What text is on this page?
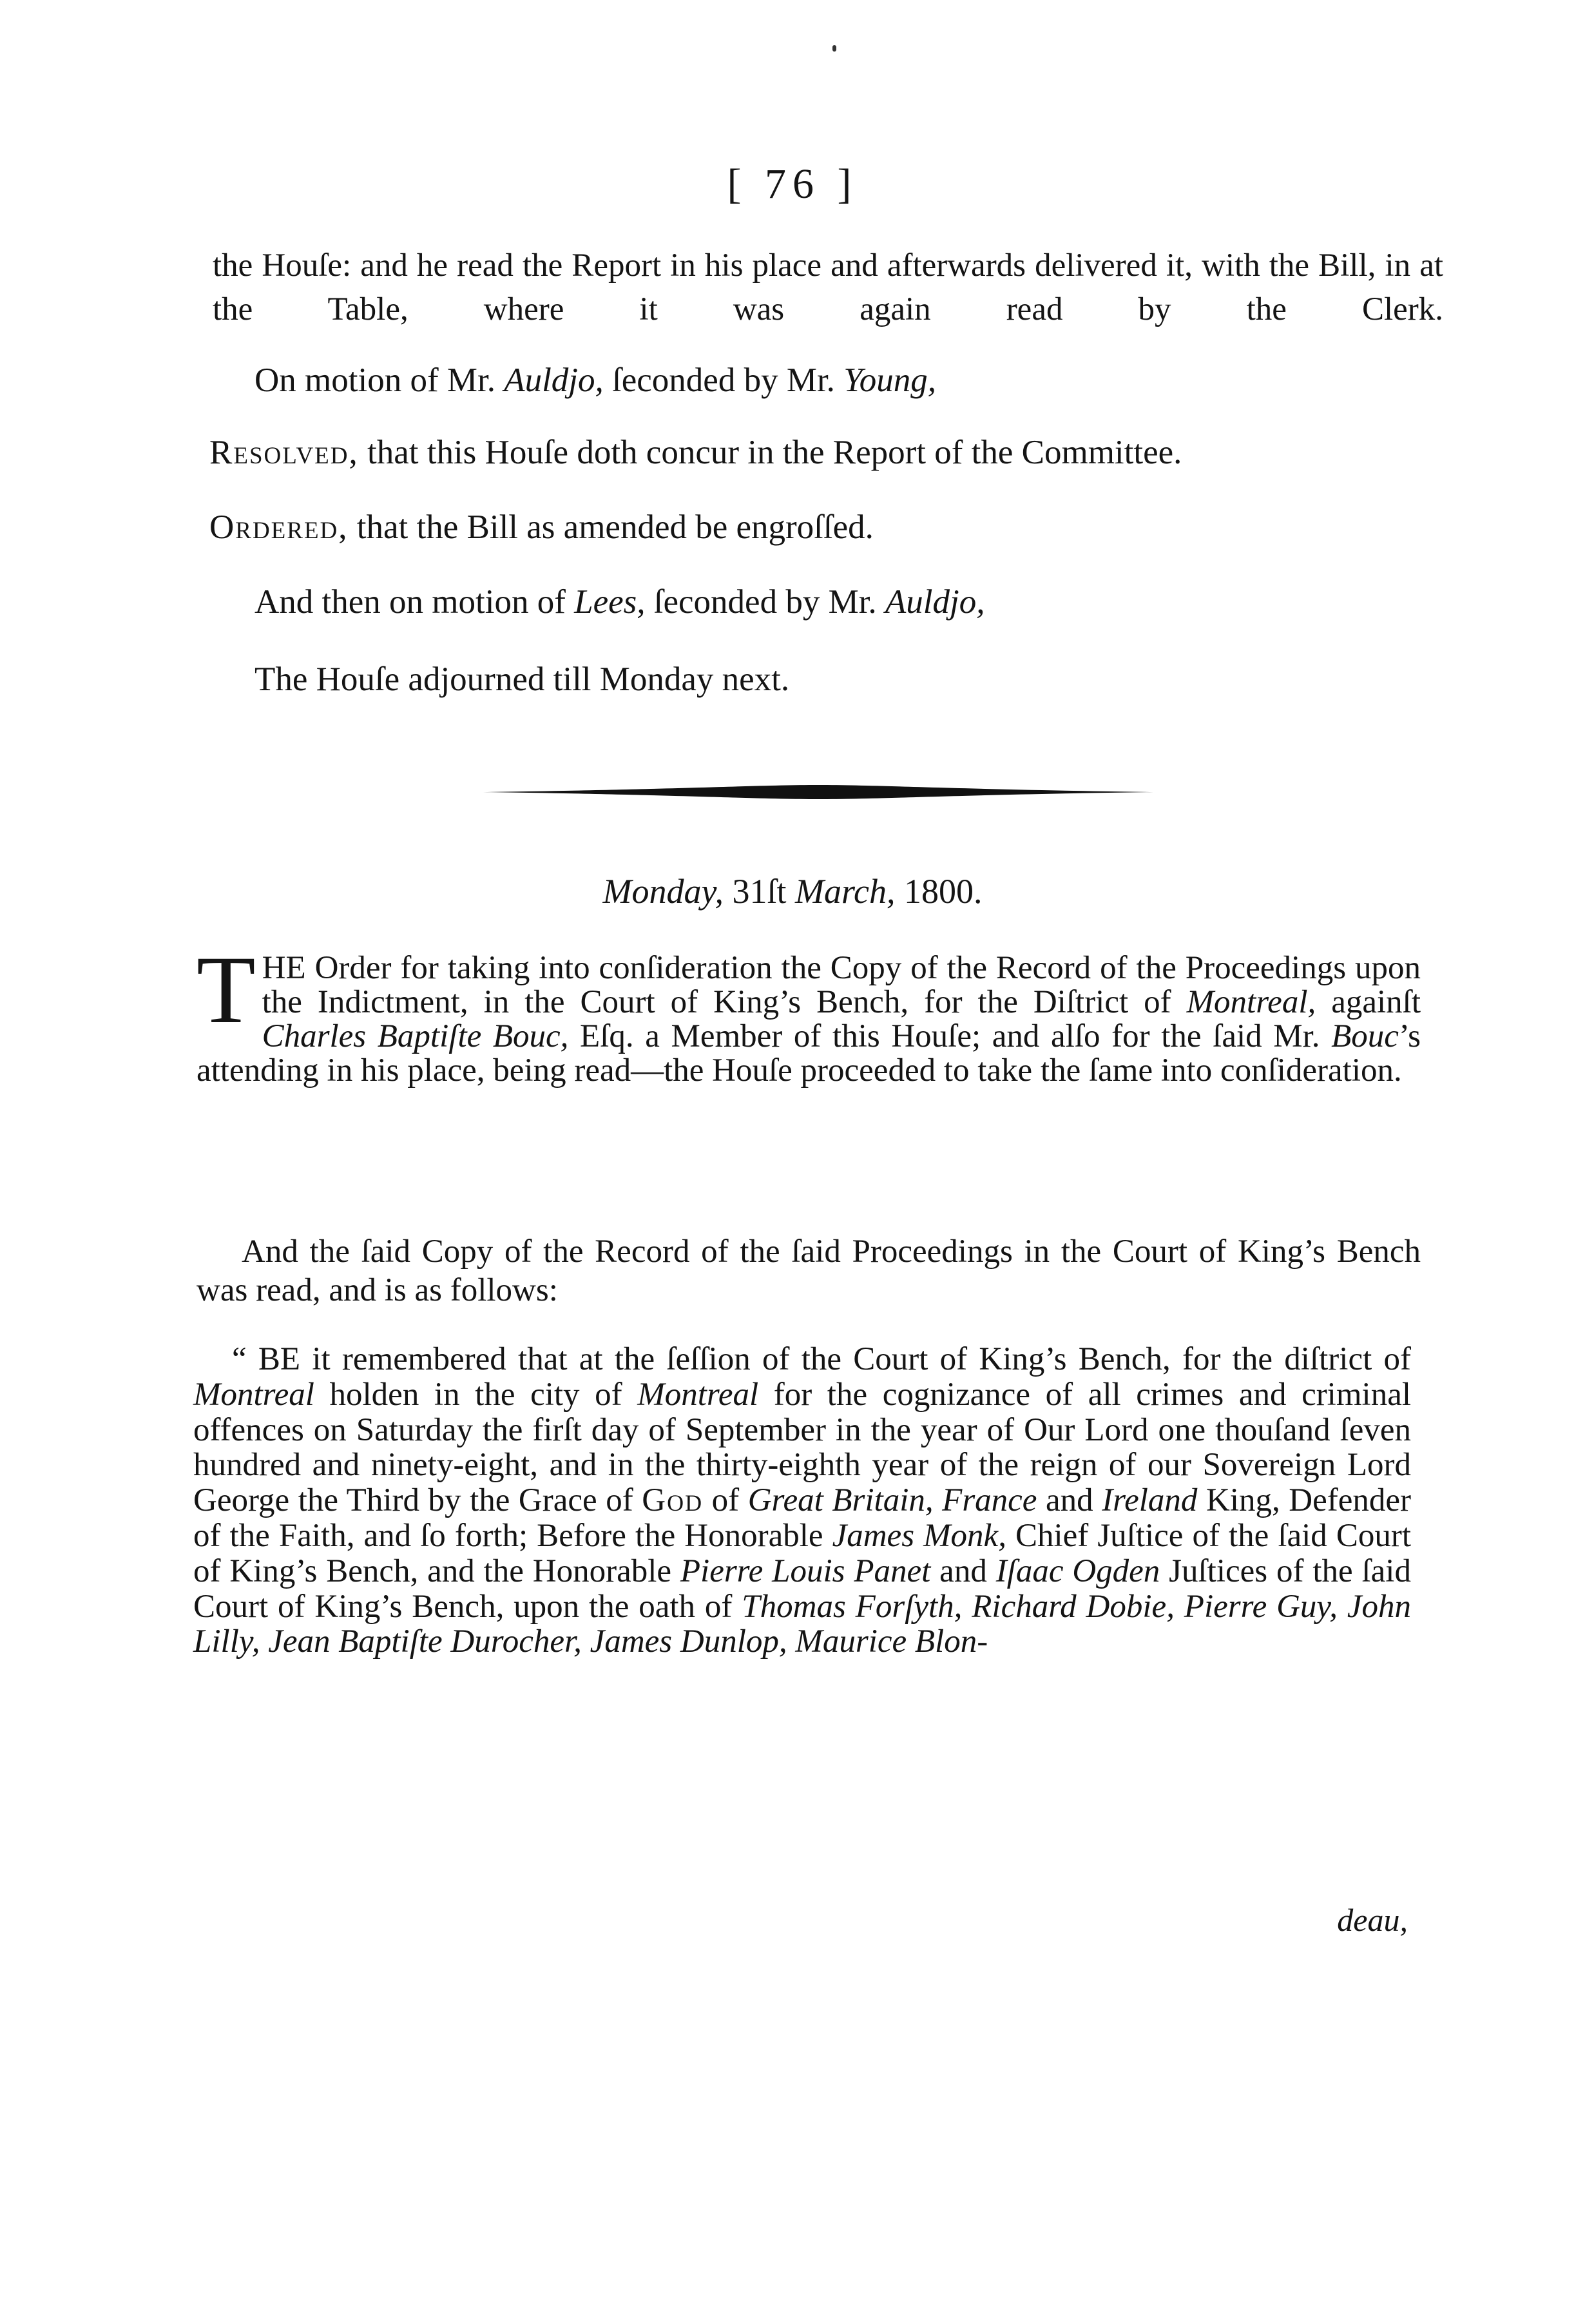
[ 76 ]
the Houſe: and he read the Report in his place and afterwards delivered it, with the Bill, in at the Table, where it was again read by the Clerk.
On motion of Mr. Auldjo, ſeconded by Mr. Young,
Resolved, that this Houſe doth concur in the Report of the Committee.
Ordered, that the Bill as amended be engroſſed.
And then on motion of Lees, ſeconded by Mr. Auldjo,
The Houſe adjourned till Monday next.
Monday, 31ſt March, 1800.
THE Order for taking into conſideration the Copy of the Record of the Proceedings upon the Indictment, in the Court of King’s Bench, for the Diſtrict of Montreal, againſt Charles Baptiſte Bouc, Eſq. a Member of this Houſe; and alſo for the ſaid Mr. Bouc’s attending in his place, being read—the Houſe proceeded to take the ſame into conſideration.
And the ſaid Copy of the Record of the ſaid Proceedings in the Court of King’s Bench was read, and is as follows:
“ BE it remembered that at the ſeſſion of the Court of King’s Bench, for the diſtrict of Montreal holden in the city of Montreal for the cognizance of all crimes and criminal offences on Saturday the firſt day of September in the year of Our Lord one thouſand ſeven hundred and ninety-eight, and in the thirty-eighth year of the reign of our Sovereign Lord George the Third by the Grace of God of Great Britain, France and Ireland King, Defender of the Faith, and ſo forth; Before the Honorable James Monk, Chief Juſtice of the ſaid Court of King’s Bench, and the Honorable Pierre Louis Panet and Iſaac Ogden Juſtices of the ſaid Court of King’s Bench, upon the oath of Thomas Forſyth, Richard Dobie, Pierre Guy, John Lilly, Jean Baptiſte Durocher, James Dunlop, Maurice Blon-
deau,
